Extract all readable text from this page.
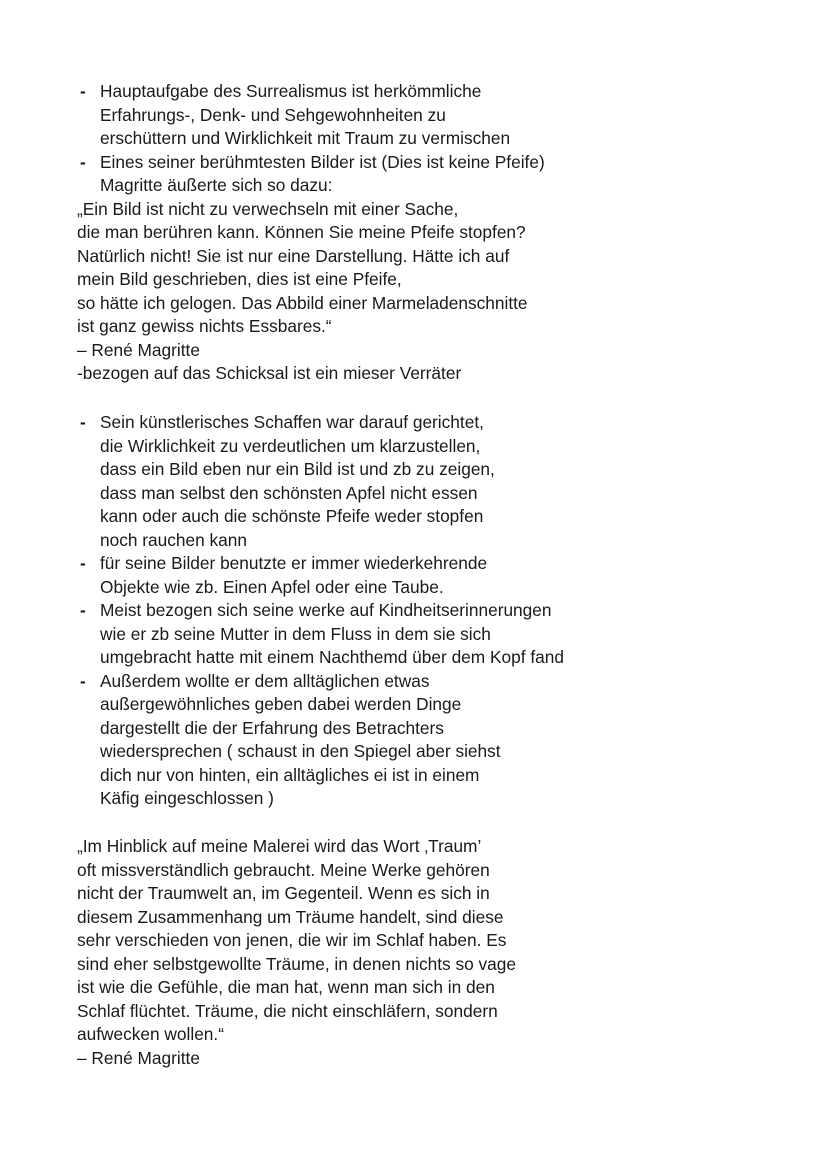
- Hauptaufgabe des Surrealismus ist herkömmliche
Erfahrungs-, Denk- und Sehgewohnheiten zu
erschüttern und Wirklichkeit mit Traum zu vermischen
- Eines seiner berühmtesten Bilder ist (Dies ist keine Pfeife)
Magritte äußerte sich so dazu:
„Ein Bild ist nicht zu verwechseln mit einer Sache,
die man berühren kann. Können Sie meine Pfeife stopfen?
Natürlich nicht! Sie ist nur eine Darstellung. Hätte ich auf
mein Bild geschrieben, dies ist eine Pfeife,
so hätte ich gelogen. Das Abbild einer Marmeladenschnitte
ist ganz gewiss nichts Essbares.“
– René Magritte
-bezogen auf das Schicksal ist ein mieser Verräter
- Sein künstlerisches Schaffen war darauf gerichtet,
die Wirklichkeit zu verdeutlichen um klarzustellen,
dass ein Bild eben nur ein Bild ist und zb zu zeigen,
dass man selbst den schönsten Apfel nicht essen
kann oder auch die schönste Pfeife weder stopfen
noch rauchen kann
- für seine Bilder benutzte er immer wiederkehrende
Objekte wie zb. Einen Apfel oder eine Taube.
- Meist bezogen sich seine werke auf Kindheitserinnerungen
wie er zb seine Mutter in dem Fluss in dem sie sich
umgebracht hatte mit einem Nachthemd über dem Kopf fand
- Außerdem wollte er dem alltäglichen etwas
außergewöhnliches geben dabei werden Dinge
dargestellt die der Erfahrung des Betrachters
wiedersprechen ( schaust in den Spiegel aber siehst
dich nur von hinten, ein alltägliches ei ist in einem
Käfig eingeschlossen )
„Im Hinblick auf meine Malerei wird das Wort ‚Traum’
oft missverständlich gebraucht. Meine Werke gehören
nicht der Traumwelt an, im Gegenteil. Wenn es sich in
diesem Zusammenhang um Träume handelt, sind diese
sehr verschieden von jenen, die wir im Schlaf haben. Es
sind eher selbstgewollte Träume, in denen nichts so vage
ist wie die Gefühle, die man hat, wenn man sich in den
Schlaf flüchtet. Träume, die nicht einschläfern, sondern
aufwecken wollen.“
– René Magritte
